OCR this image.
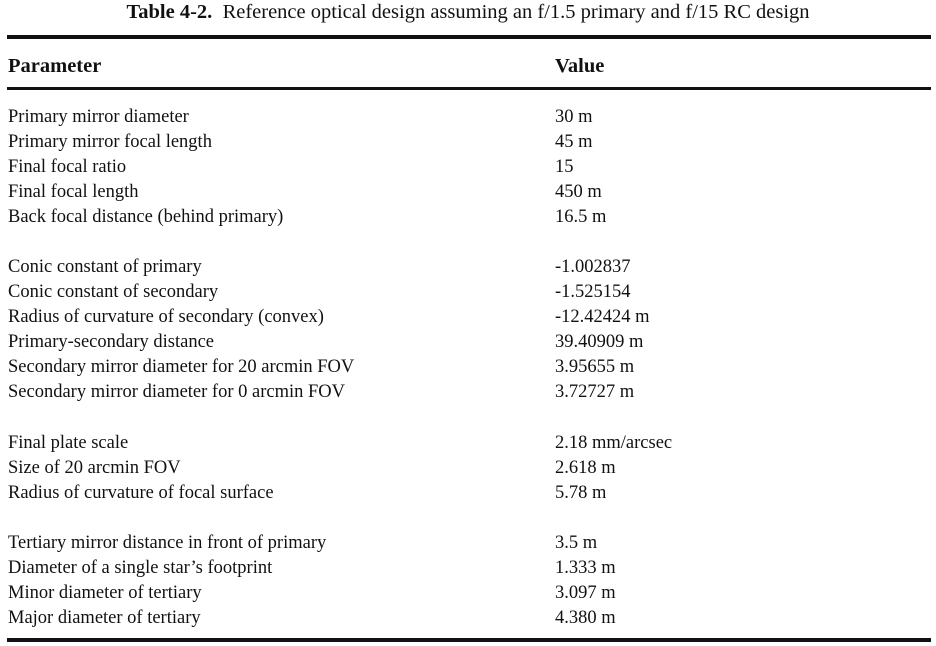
Table 4-2. Reference optical design assuming an f/1.5 primary and f/15 RC design
Parameter	Value
Primary mirror diameter	30 m
Primary mirror focal length	45 m
Final focal ratio	15
Final focal length	450 m
Back focal distance (behind primary)	16.5 m
Conic constant of primary	-1.002837
Conic constant of secondary	-1.525154
Radius of curvature of secondary (convex)	-12.42424 m
Primary-secondary distance	39.40909 m
Secondary mirror diameter for 20 arcmin FOV	3.95655 m
Secondary mirror diameter for 0 arcmin FOV	3.72727 m
Final plate scale	2.18 mm/arcsec
Size of 20 arcmin FOV	2.618 m
Radius of curvature of focal surface	5.78 m
Tertiary mirror distance in front of primary	3.5 m
Diameter of a single star’s footprint	1.333 m
Minor diameter of tertiary	3.097 m
Major diameter of tertiary	4.380 m
